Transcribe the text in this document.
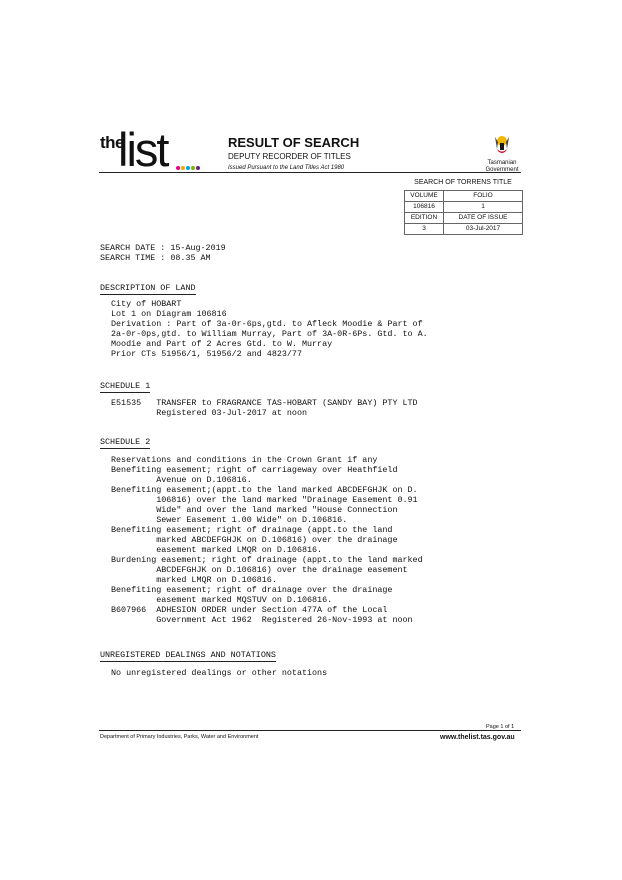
the
list	RESULT OF SEARCH
DEPUTY RECORDER OF TITLES
Issued Pursuant to the Land Titles Act 1980
Tasmanian
Government
SEARCH OF TORRENS TITLE
VOLUME	FOLIO
106816	1
EDITION	DATE OF ISSUE
3	03-Jul-2017
SEARCH DATE : 15-Aug-2019
SEARCH TIME : 08.35 AM
DESCRIPTION OF LAND
City of HOBART
Lot 1 on Diagram 106816
Derivation : Part of 3a-0r-6ps,gtd. to Afleck Moodie & Part of
2a-0r-0ps,gtd. to William Murray, Part of 3A-0R-6Ps. Gtd. to A.
Moodie and Part of 2 Acres Gtd. to W. Murray
Prior CTs 51956/1, 51956/2 and 4823/77
SCHEDULE 1
E51535   TRANSFER to FRAGRANCE TAS-HOBART (SANDY BAY) PTY LTD
Registered 03-Jul-2017 at noon
SCHEDULE 2
Reservations and conditions in the Crown Grant if any
Benefiting easement; right of carriageway over Heathfield
Avenue on D.106816.
Benefiting easement;(appt.to the land marked ABCDEFGHJK on D.
106816) over the land marked "Drainage Easement 0.91
Wide" and over the land marked "House Connection
Sewer Easement 1.00 Wide" on D.106816.
Benefiting easement; right of drainage (appt.to the land
marked ABCDEFGHJK on D.106816) over the drainage
easement marked LMQR on D.106816.
Burdening easement; right of drainage (appt.to the land marked
ABCDEFGHJK on D.106816) over the drainage easement
marked LMQR on D.106816.
Benefiting easement; right of drainage over the drainage
easement marked MQSTUV on D.106816.
B607966  ADHESION ORDER under Section 477A of the Local
Government Act 1962  Registered 26-Nov-1993 at noon
UNREGISTERED DEALINGS AND NOTATIONS
No unregistered dealings or other notations
Page 1 of 1
Department of Primary Industries, Parks, Water and Environment	www.thelist.tas.gov.au
